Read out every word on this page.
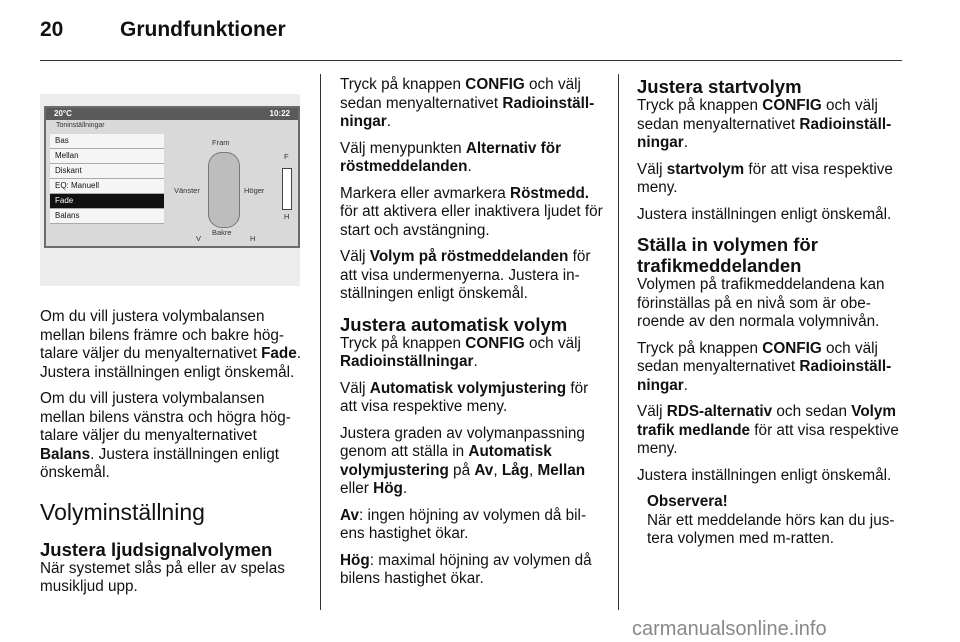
20	Grundfunktioner
20°C	10:22
Toninställningar
Bas
Mellan
Diskant
EQ: Manuell
Fade
Balans
Fram
Bakre
Vänster	Höger
F
H
V	H

Om du vill justera volymbalansen mellan bilens främre och bakre hög-talare väljer du menyalternativet Fade. Justera inställningen enligt önskemål.

Om du vill justera volymbalansen mellan bilens vänstra och högra hög-talare väljer du menyalternativet Balans. Justera inställningen enligt önskemål.

Volyminställning
Justera ljudsignalvolymen

När systemet slås på eller av spelas musikljud upp.

Tryck på knappen CONFIG och välj sedan menyalternativet Radioinställ-ningar.

Välj menypunkten Alternativ för röstmeddelanden.

Markera eller avmarkera Röstmedd. för att aktivera eller inaktivera ljudet för start och avstängning.

Välj Volym på röstmeddelanden för att visa undermenyerna. Justera in-ställningen enligt önskemål.

Justera automatisk volym

Tryck på knappen CONFIG och välj Radioinställningar.

Välj Automatisk volymjustering för att visa respektive meny.

Justera graden av volymanpassning genom att ställa in Automatisk volymjustering på Av, Låg, Mellan eller Hög.

Av: ingen höjning av volymen då bil-ens hastighet ökar.

Hög: maximal höjning av volymen då bilens hastighet ökar.

Justera startvolym

Tryck på knappen CONFIG och välj sedan menyalternativet Radioinställ-ningar.

Välj startvolym för att visa respektive meny.

Justera inställningen enligt önskemål.

Ställa in volymen för trafikmeddelanden

Volymen på trafikmeddelandena kan förinställas på en nivå som är obe-roende av den normala volymnivån.

Tryck på knappen CONFIG och välj sedan menyalternativet Radioinställ-ningar.

Välj RDS-alternativ och sedan Volym trafik medlande för att visa respektive meny.

Justera inställningen enligt önskemål.

Observera!

När ett meddelande hörs kan du jus-tera volymen med m-ratten.

carmanualsonline.info
